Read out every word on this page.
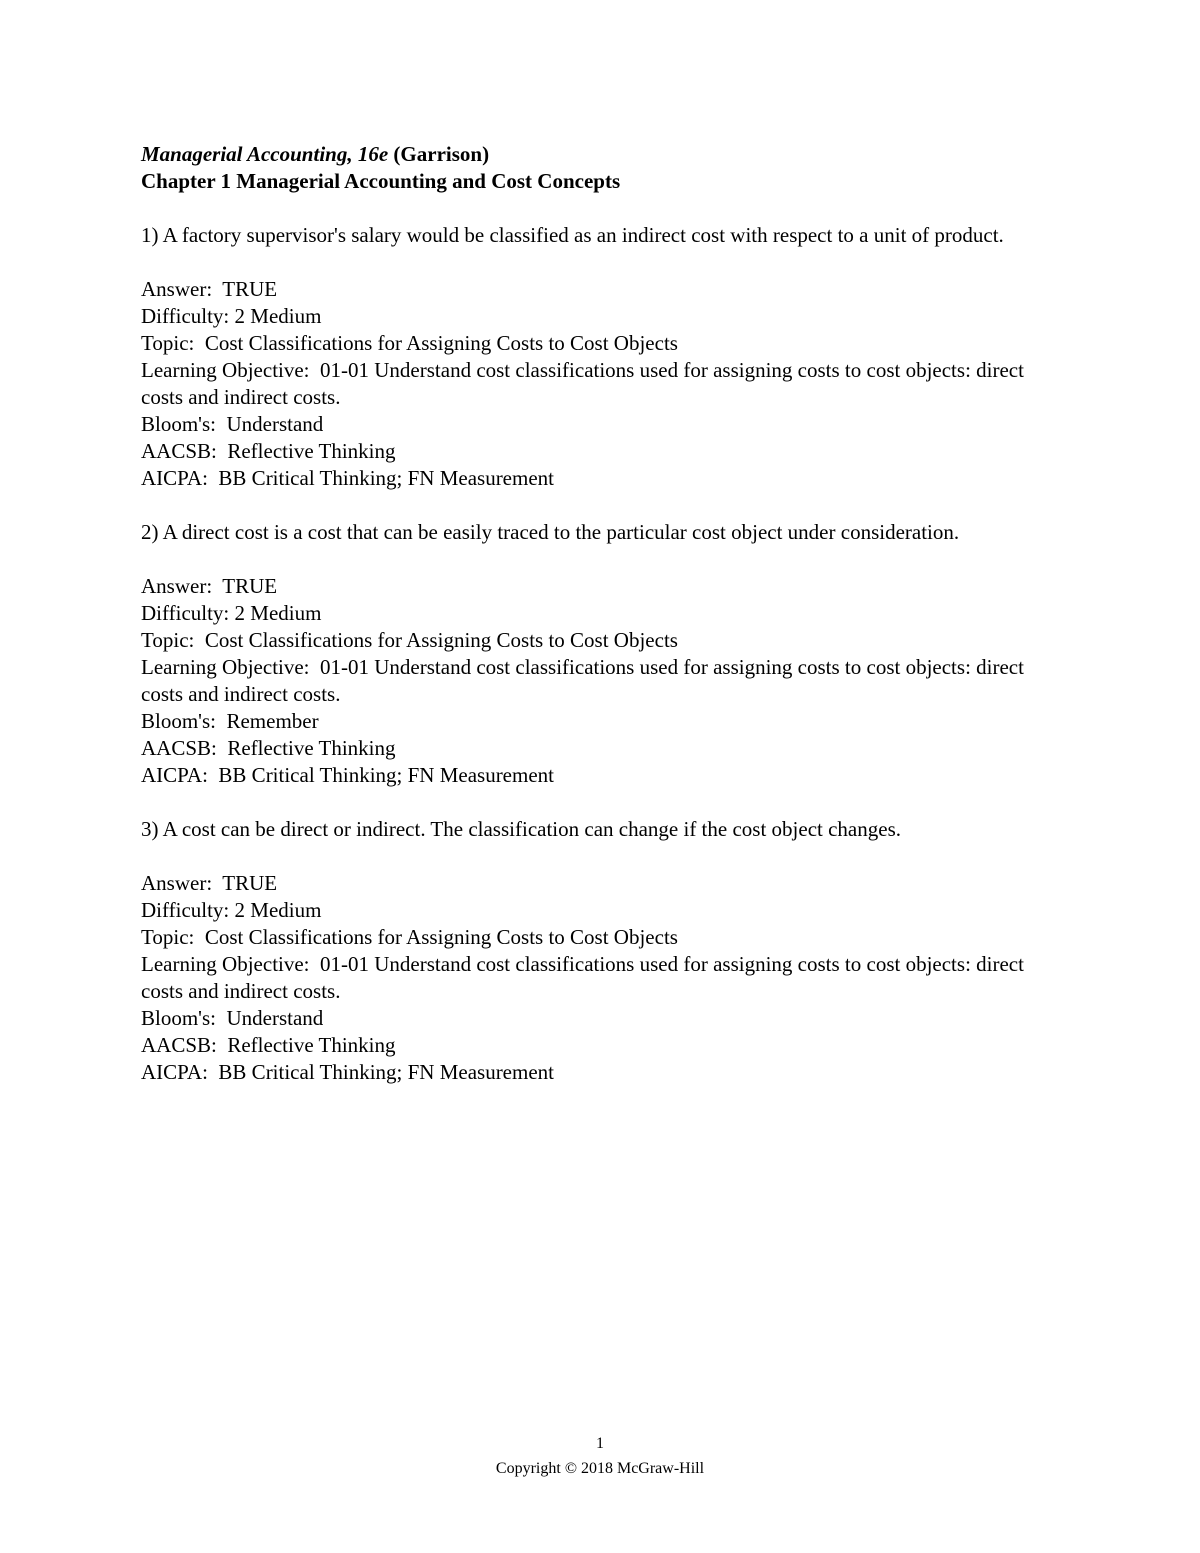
Managerial Accounting, 16e (Garrison)

Chapter 1 Managerial Accounting and Cost Concepts

1) A factory supervisor's salary would be classified as an indirect cost with respect to a unit of product.

Answer:  TRUE

Difficulty: 2 Medium

Topic:  Cost Classifications for Assigning Costs to Cost Objects

Learning Objective:  01-01 Understand cost classifications used for assigning costs to cost objects: direct costs and indirect costs.

Bloom's:  Understand

AACSB:  Reflective Thinking

AICPA:  BB Critical Thinking; FN Measurement

2) A direct cost is a cost that can be easily traced to the particular cost object under consideration.

Answer:  TRUE

Difficulty: 2 Medium

Topic:  Cost Classifications for Assigning Costs to Cost Objects

Learning Objective:  01-01 Understand cost classifications used for assigning costs to cost objects: direct costs and indirect costs.

Bloom's:  Remember

AACSB:  Reflective Thinking

AICPA:  BB Critical Thinking; FN Measurement

3) A cost can be direct or indirect. The classification can change if the cost object changes.

Answer:  TRUE

Difficulty: 2 Medium

Topic:  Cost Classifications for Assigning Costs to Cost Objects

Learning Objective:  01-01 Understand cost classifications used for assigning costs to cost objects: direct costs and indirect costs.

Bloom's:  Understand

AACSB:  Reflective Thinking

AICPA:  BB Critical Thinking; FN Measurement

1
Copyright © 2018 McGraw-Hill
